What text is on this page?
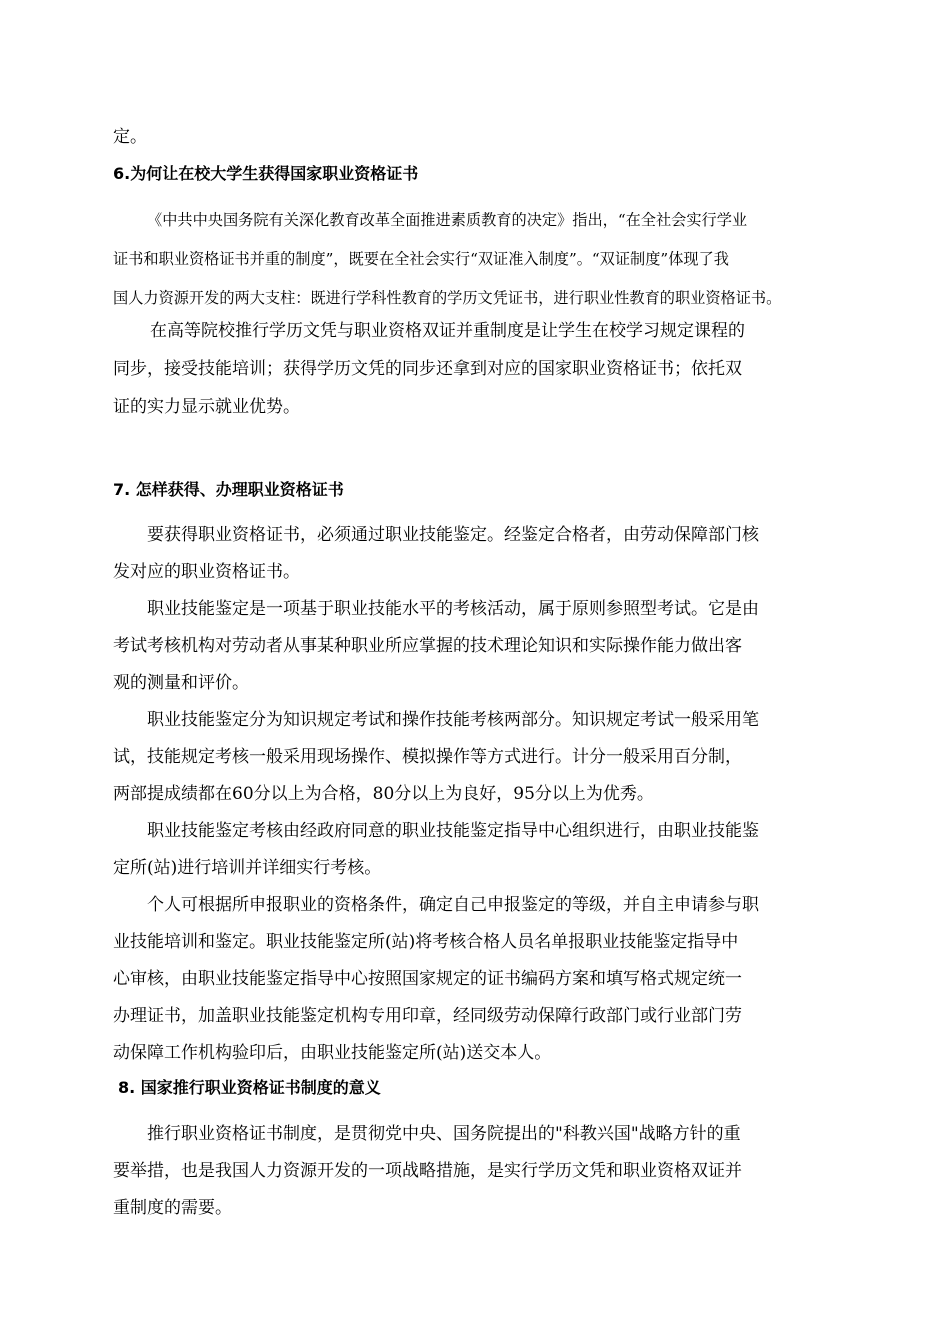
定。
6.为何让在校大学生获得国家职业资格证书
《中共中央国务院有关深化教育改革全面推进素质教育的决定》指出，“在全社会实行学业
证书和职业资格证书并重的制度”，既要在全社会实行“双证准入制度”。“双证制度”体现了我
国人力资源开发的两大支柱：既进行学科性教育的学历文凭证书，进行职业性教育的职业资格证书。
在高等院校推行学历文凭与职业资格双证并重制度是让学生在校学习规定课程的
同步，接受技能培训；获得学历文凭的同步还拿到对应的国家职业资格证书；依托双
证的实力显示就业优势。
7. 怎样获得、办理职业资格证书
要获得职业资格证书，必须通过职业技能鉴定。经鉴定合格者，由劳动保障部门核
发对应的职业资格证书。
职业技能鉴定是一项基于职业技能水平的考核活动，属于原则参照型考试。它是由
考试考核机构对劳动者从事某种职业所应掌握的技术理论知识和实际操作能力做出客
观的测量和评价。
职业技能鉴定分为知识规定考试和操作技能考核两部分。知识规定考试一般采用笔
试，技能规定考核一般采用现场操作、模拟操作等方式进行。计分一般采用百分制，
两部提成绩都在60分以上为合格，80分以上为良好，95分以上为优秀。
职业技能鉴定考核由经政府同意的职业技能鉴定指导中心组织进行，由职业技能鉴
定所(站)进行培训并详细实行考核。
个人可根据所申报职业的资格条件，确定自己申报鉴定的等级，并自主申请参与职
业技能培训和鉴定。职业技能鉴定所(站)将考核合格人员名单报职业技能鉴定指导中
心审核，由职业技能鉴定指导中心按照国家规定的证书编码方案和填写格式规定统一
办理证书，加盖职业技能鉴定机构专用印章，经同级劳动保障行政部门或行业部门劳
动保障工作机构验印后，由职业技能鉴定所(站)送交本人。
8. 国家推行职业资格证书制度的意义
推行职业资格证书制度，是贯彻党中央、国务院提出的"科教兴国"战略方针的重
要举措，也是我国人力资源开发的一项战略措施，是实行学历文凭和职业资格双证并
重制度的需要。
